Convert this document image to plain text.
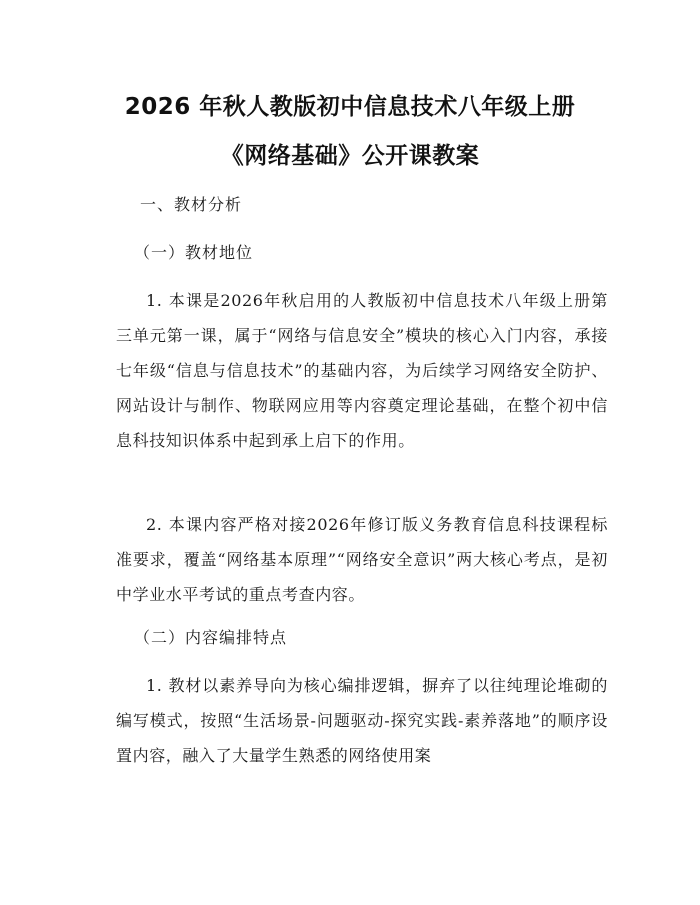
2026 年秋人教版初中信息技术八年级上册
《网络基础》公开课教案
一、教材分析
（一）教材地位
1. 本课是2026年秋启用的人教版初中信息技术八年级上册第三单元第一课，属于“网络与信息安全”模块的核心入门内容，承接七年级“信息与信息技术”的基础内容，为后续学习网络安全防护、网站设计与制作、物联网应用等内容奠定理论基础，在整个初中信息科技知识体系中起到承上启下的作用。
2. 本课内容严格对接2026年修订版义务教育信息科技课程标准要求，覆盖“网络基本原理”“网络安全意识”两大核心考点，是初中学业水平考试的重点考查内容。
（二）内容编排特点
1. 教材以素养导向为核心编排逻辑，摒弃了以往纯理论堆砌的编写模式，按照“生活场景-问题驱动-探究实践-素养落地”的顺序设置内容，融入了大量学生熟悉的网络使用案
